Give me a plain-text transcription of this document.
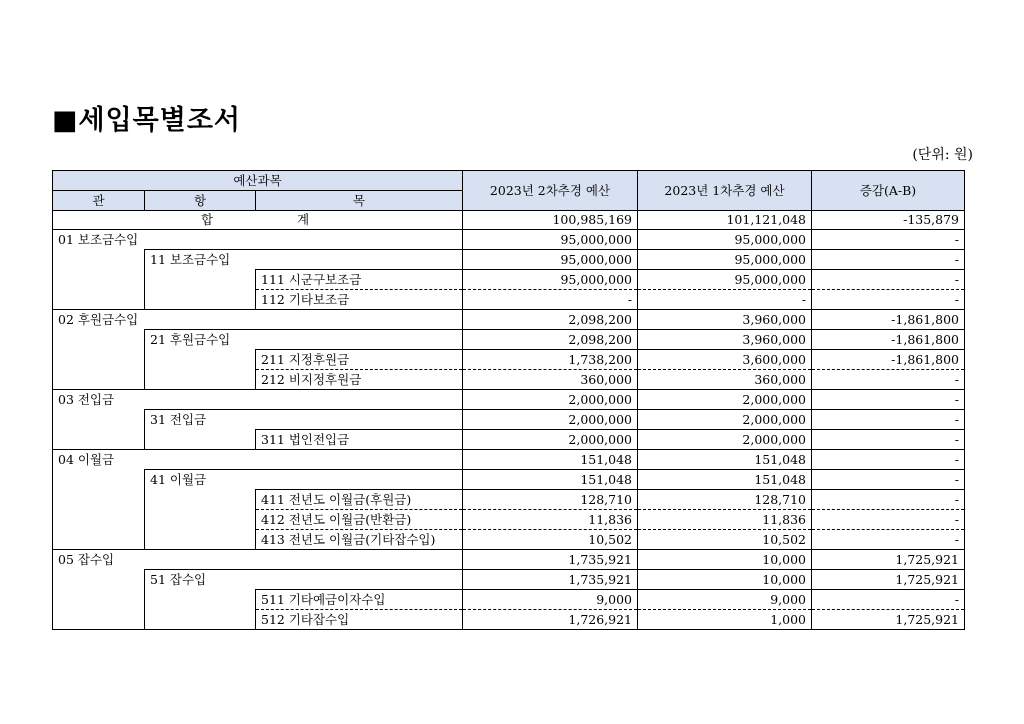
■세입목별조서
(단위: 원)
예산과목			2023년 2차추경 예산	2023년 1차추경 예산	증감(A-B)
관	항	목			
합 계			100,985,169	101,121,048	-135,879
01 보조금수입			95,000,000	95,000,000	-
	11 보조금수입		95,000,000	95,000,000	-
		111 시군구보조금	95,000,000	95,000,000	-
		112 기타보조금	-	-	-
02 후원금수입			2,098,200	3,960,000	-1,861,800
	21 후원금수입		2,098,200	3,960,000	-1,861,800
		211 지정후원금	1,738,200	3,600,000	-1,861,800
		212 비지정후원금	360,000	360,000	-
03 전입금			2,000,000	2,000,000	-
	31 전입금		2,000,000	2,000,000	-
		311 법인전입금	2,000,000	2,000,000	-
04 이월금			151,048	151,048	-
	41 이월금		151,048	151,048	-
		411 전년도 이월금(후원금)	128,710	128,710	-
		412 전년도 이월금(반환금)	11,836	11,836	-
		413 전년도 이월금(기타잡수입)	10,502	10,502	-
05 잡수입			1,735,921	10,000	1,725,921
	51 잡수입		1,735,921	10,000	1,725,921
		511 기타예금이자수입	9,000	9,000	-
		512 기타잡수입	1,726,921	1,000	1,725,921
